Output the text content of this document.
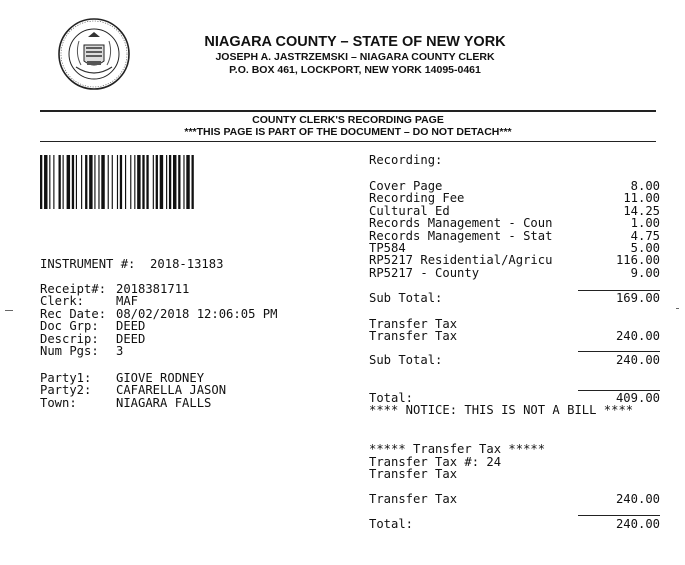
NIAGARA COUNTY – STATE OF NEW YORK
JOSEPH A. JASTRZEMSKI – NIAGARA COUNTY CLERK
P.O. BOX 461, LOCKPORT, NEW YORK 14095-0461
COUNTY CLERK'S RECORDING PAGE
***THIS PAGE IS PART OF THE DOCUMENT – DO NOT DETACH***
INSTRUMENT #:  2018-13183
Receipt#: 2018381711
Clerk:	MAF
Rec Date: 08/02/2018 12:06:05 PM
Doc Grp: DEED
Descrip: DEED
Num Pgs: 3
Party1: GIOVE RODNEY
Party2: CAFARELLA JASON
Town:	NIAGARA FALLS
Recording:
Cover Page	8.00
Recording Fee	11.00
Cultural Ed	14.25
Records Management - Coun	1.00
Records Management - Stat	4.75
TP584	5.00
RP5217 Residential/Agricu	116.00
RP5217 - County	9.00
Sub Total:	169.00
Transfer Tax
Transfer Tax	240.00
Sub Total:	240.00
Total:	409.00
**** NOTICE: THIS IS NOT A BILL ****
***** Transfer Tax *****
Transfer Tax #: 24
Transfer Tax
Transfer Tax	240.00
Total:	240.00
